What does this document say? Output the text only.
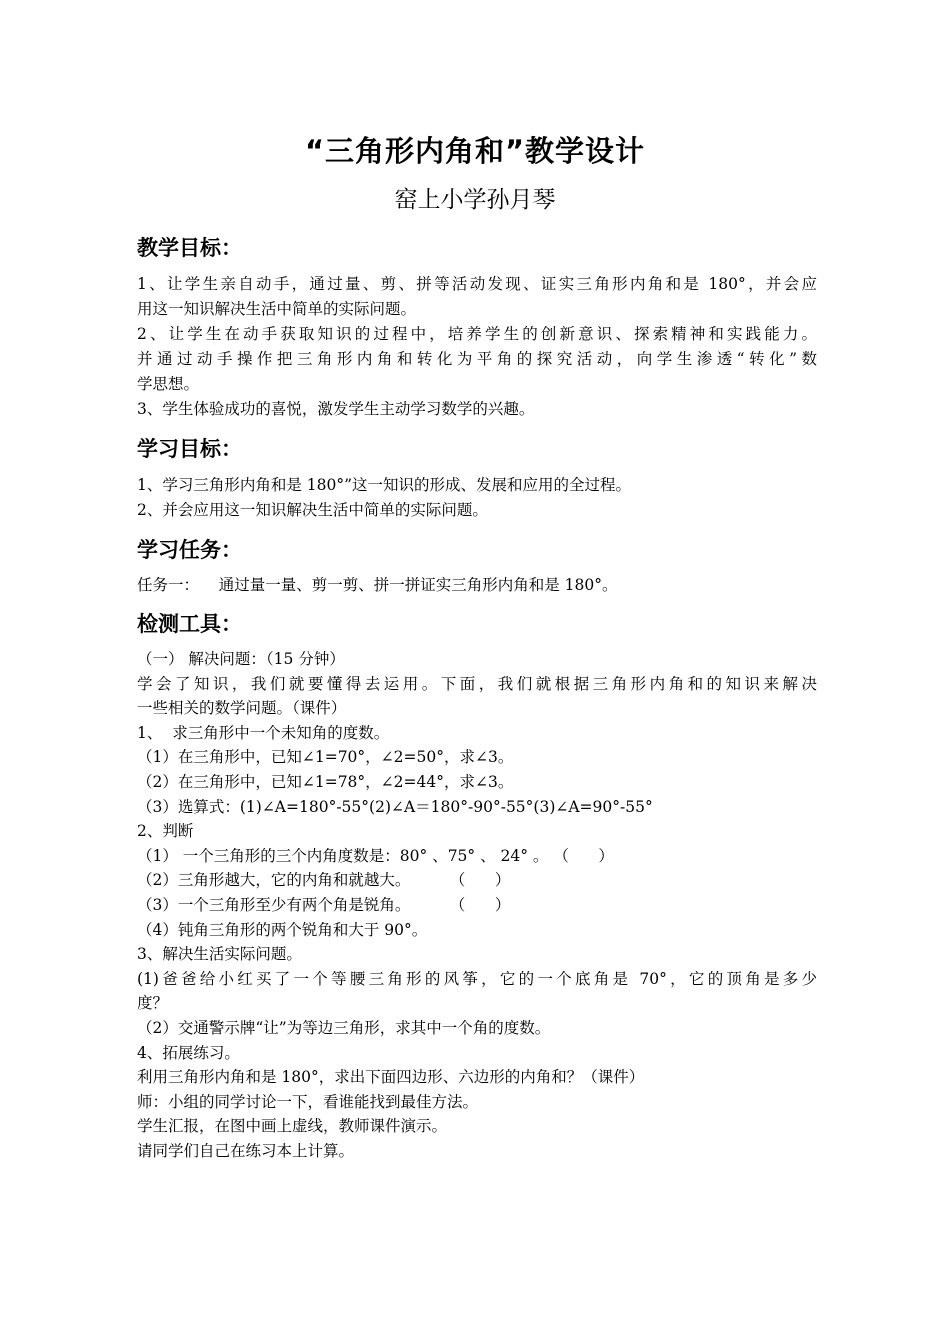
“三角形内角和”教学设计
窑上小学孙月琴
教学目标：
1、让学生亲自动手，通过量、剪、拼等活动发现、证实三角形内角和是 180°，并会应
用这一知识解决生活中简单的实际问题。
2、让学生在动手获取知识的过程中，培养学生的创新意识、探索精神和实践能力。
并通过动手操作把三角形内角和转化为平角的探究活动，向学生渗透“转化”数
学思想。
3、学生体验成功的喜悦，激发学生主动学习数学的兴趣。
学习目标：
1、学习三角形内角和是 180°”这一知识的形成、发展和应用的全过程。
2、并会应用这一知识解决生活中简单的实际问题。
学习任务：
任务一：    通过量一量、剪一剪、拼一拼证实三角形内角和是 180°。
检测工具：
（一） 解决问题：（15 分钟）
学会了知识，我们就要懂得去运用。下面，我们就根据三角形内角和的知识来解决
一些相关的数学问题。（课件）
1、  求三角形中一个未知角的度数。
（1）在三角形中，已知∠1=70°，∠2=50°，求∠3。
（2）在三角形中，已知∠1=78°，∠2=44°，求∠3。
（3）选算式：(1)∠A=180°-55°(2)∠A＝180°-90°-55°(3)∠A=90°-55°
2、判断
（1） 一个三角形的三个内角度数是：80° 、75° 、 24° 。 （      ）
（2）三角形越大，它的内角和就越大。        （      ）
（3）一个三角形至少有两个角是锐角。        （      ）
（4）钝角三角形的两个锐角和大于 90°。
3、解决生活实际问题。
(1)爸爸给小红买了一个等腰三角形的风筝，它的一个底角是 70°，它的顶角是多少
度？
（2）交通警示牌“让”为等边三角形，求其中一个角的度数。
4、拓展练习。
利用三角形内角和是 180°，求出下面四边形、六边形的内角和？（课件）
师：小组的同学讨论一下，看谁能找到最佳方法。
学生汇报，在图中画上虚线，教师课件演示。
请同学们自己在练习本上计算。
